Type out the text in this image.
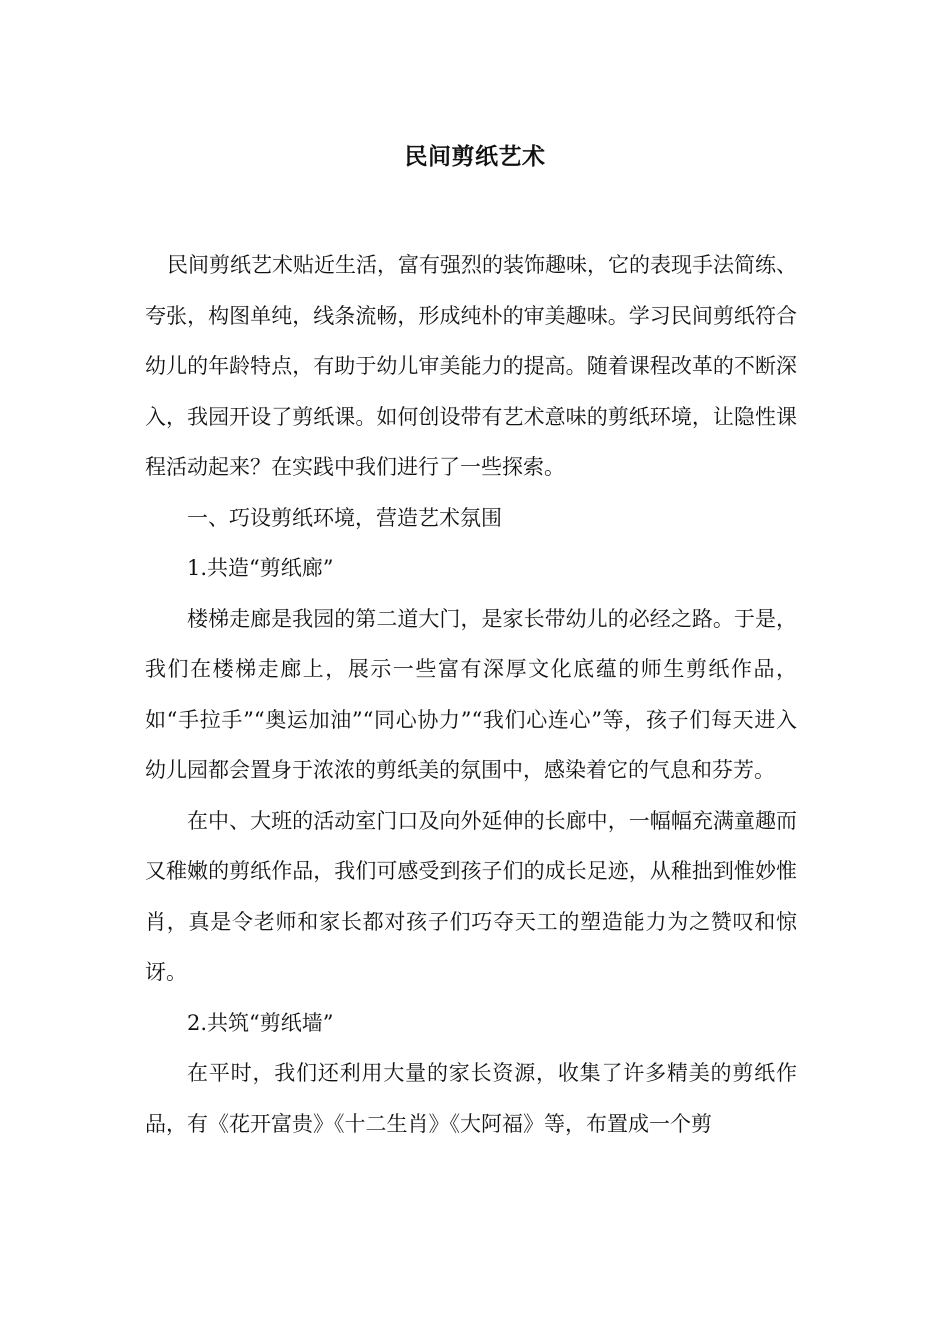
民间剪纸艺术

民间剪纸艺术贴近生活，富有强烈的装饰趣味，它的表现手法简练、夸张，构图单纯，线条流畅，形成纯朴的审美趣味。学习民间剪纸符合幼儿的年龄特点，有助于幼儿审美能力的提高。随着课程改革的不断深入，我园开设了剪纸课。如何创设带有艺术意味的剪纸环境，让隐性课程活动起来？在实践中我们进行了一些探索。

一、巧设剪纸环境，营造艺术氛围

1.共造“剪纸廊”

楼梯走廊是我园的第二道大门，是家长带幼儿的必经之路。于是，我们在楼梯走廊上，展示一些富有深厚文化底蕴的师生剪纸作品，如“手拉手”“奥运加油”“同心协力”“我们心连心”等，孩子们每天进入幼儿园都会置身于浓浓的剪纸美的氛围中，感染着它的气息和芬芳。

在中、大班的活动室门口及向外延伸的长廊中，一幅幅充满童趣而又稚嫩的剪纸作品，我们可感受到孩子们的成长足迹，从稚拙到惟妙惟肖，真是令老师和家长都对孩子们巧夺天工的塑造能力为之赞叹和惊讶。

2.共筑“剪纸墙”

在平时，我们还利用大量的家长资源，收集了许多精美的剪纸作品，有《花开富贵》《十二生肖》《大阿福》等，布置成一个剪
